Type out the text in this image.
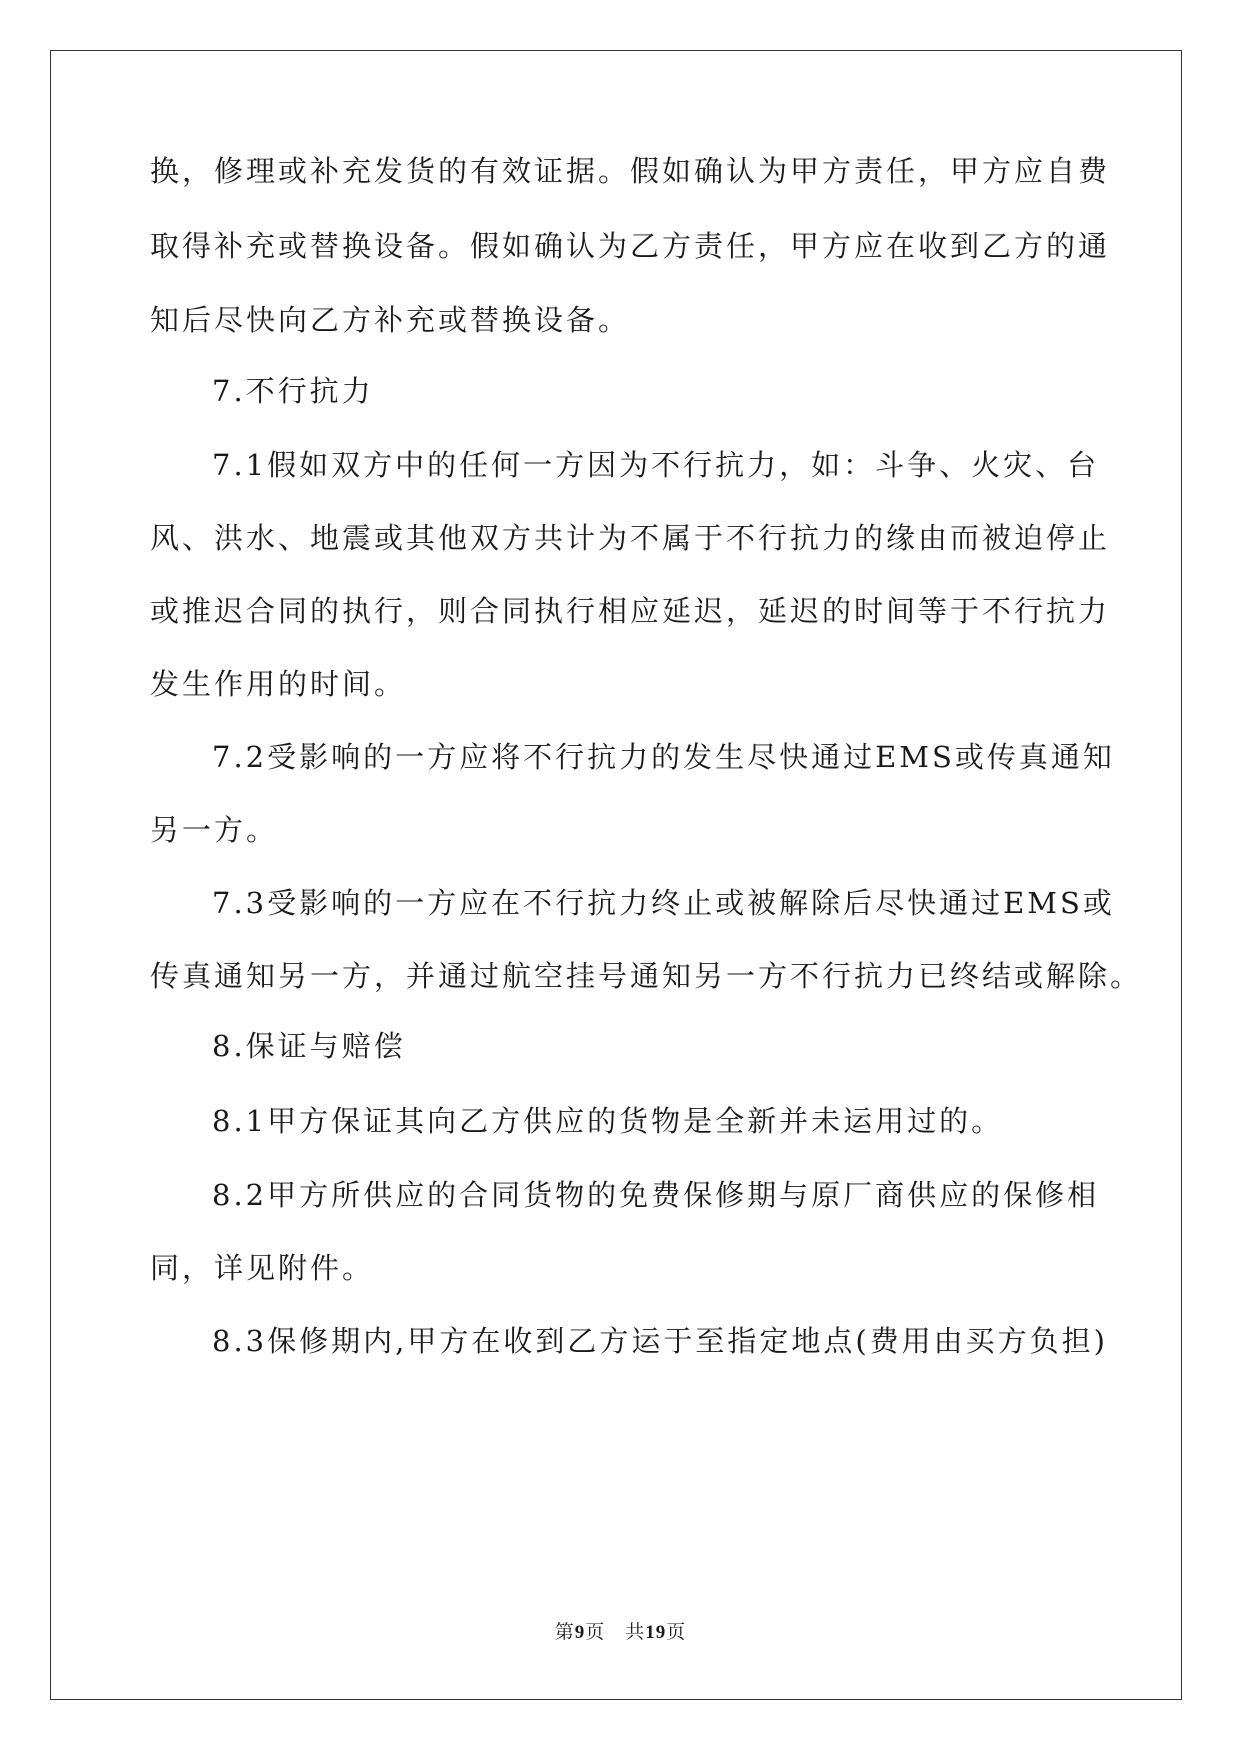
换，修理或补充发货的有效证据。假如确认为甲方责任，甲方应自费
取得补充或替换设备。假如确认为乙方责任，甲方应在收到乙方的通
知后尽快向乙方补充或替换设备。
7.不行抗力
7.1假如双方中的任何一方因为不行抗力，如：斗争、火灾、台
风、洪水、地震或其他双方共计为不属于不行抗力的缘由而被迫停止
或推迟合同的执行，则合同执行相应延迟，延迟的时间等于不行抗力
发生作用的时间。
7.2受影响的一方应将不行抗力的发生尽快通过EMS或传真通知
另一方。
7.3受影响的一方应在不行抗力终止或被解除后尽快通过EMS或
传真通知另一方，并通过航空挂号通知另一方不行抗力已终结或解除。
8.保证与赔偿
8.1甲方保证其向乙方供应的货物是全新并未运用过的。
8.2甲方所供应的合同货物的免费保修期与原厂商供应的保修相
同，详见附件。
8.3保修期内,甲方在收到乙方运于至指定地点(费用由买方负担)
第9页　共19页
